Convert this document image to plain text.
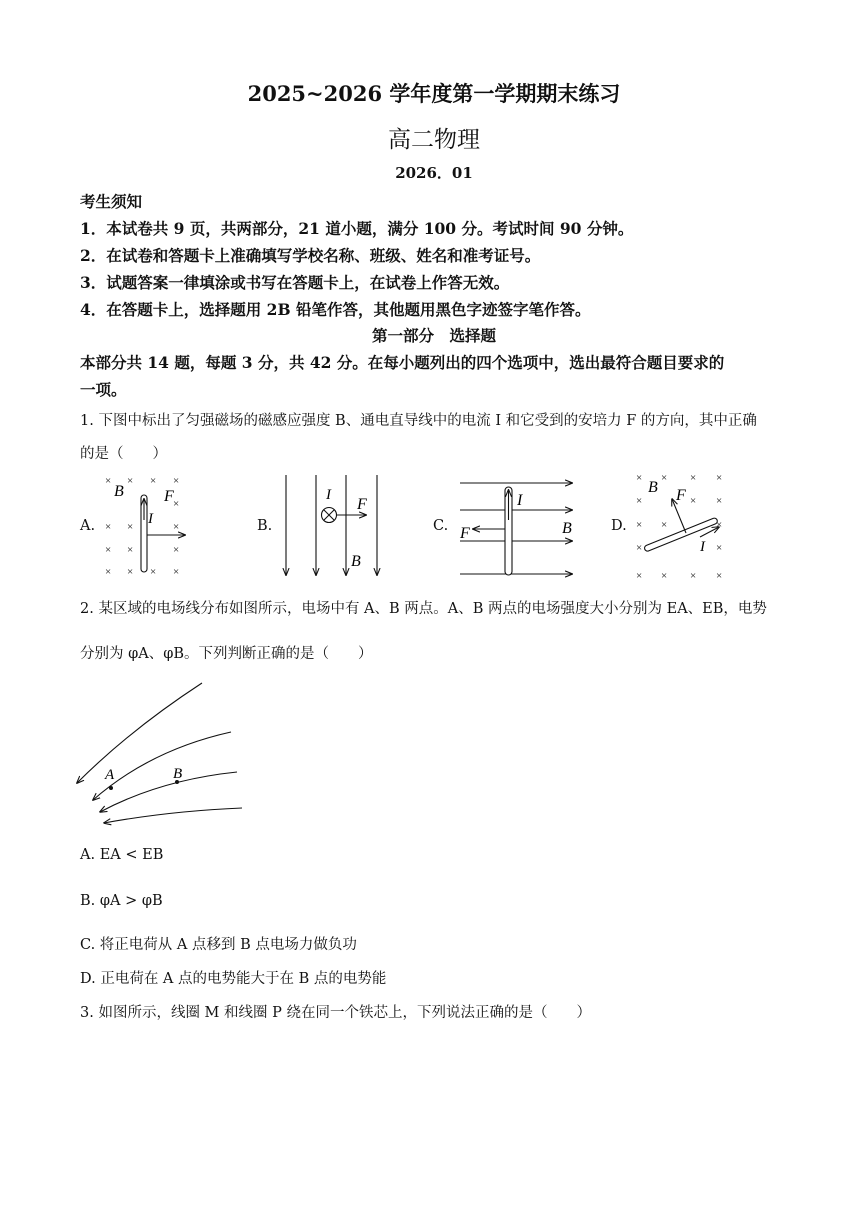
2025~2026 学年度第一学期期末练习
高二物理
2026．01
考生须知
1．本试卷共 9 页，共两部分，21 道小题，满分 100 分。考试时间 90 分钟。
2．在试卷和答题卡上准确填写学校名称、班级、姓名和准考证号。
3．试题答案一律填涂或书写在答题卡上，在试卷上作答无效。
4．在答题卡上，选择题用 2B 铅笔作答，其他题用黑色字迹签字笔作答。
第一部分　选择题
本部分共 14 题，每题 3 分，共 42 分。在每小题列出的四个选项中，选出最符合题目要求的
一项。
1. 下图中标出了匀强磁场的磁感应强度 B、通电直导线中的电流 I 和它受到的安培力 F 的方向，其中正确
的是（　　）
A.	B.	C.	D.
× × × ×
×
× ×	×
× ×	×
× × × ×
B	F
I
I
F
B
I
F	B
× × × ×
×	× ×
× ×	×
×	×
× × × ×
B F
I
2. 某区域的电场线分布如图所示，电场中有 A、B 两点。A、B 两点的电场强度大小分别为 EA、EB，电势
分别为 φA、φB。下列判断正确的是（　　）
A	B
A. EA < EB
B. φA > φB
C. 将正电荷从 A 点移到 B 点电场力做负功
D. 正电荷在 A 点的电势能大于在 B 点的电势能
3. 如图所示，线圈 M 和线圈 P 绕在同一个铁芯上，下列说法正确的是（　　）
